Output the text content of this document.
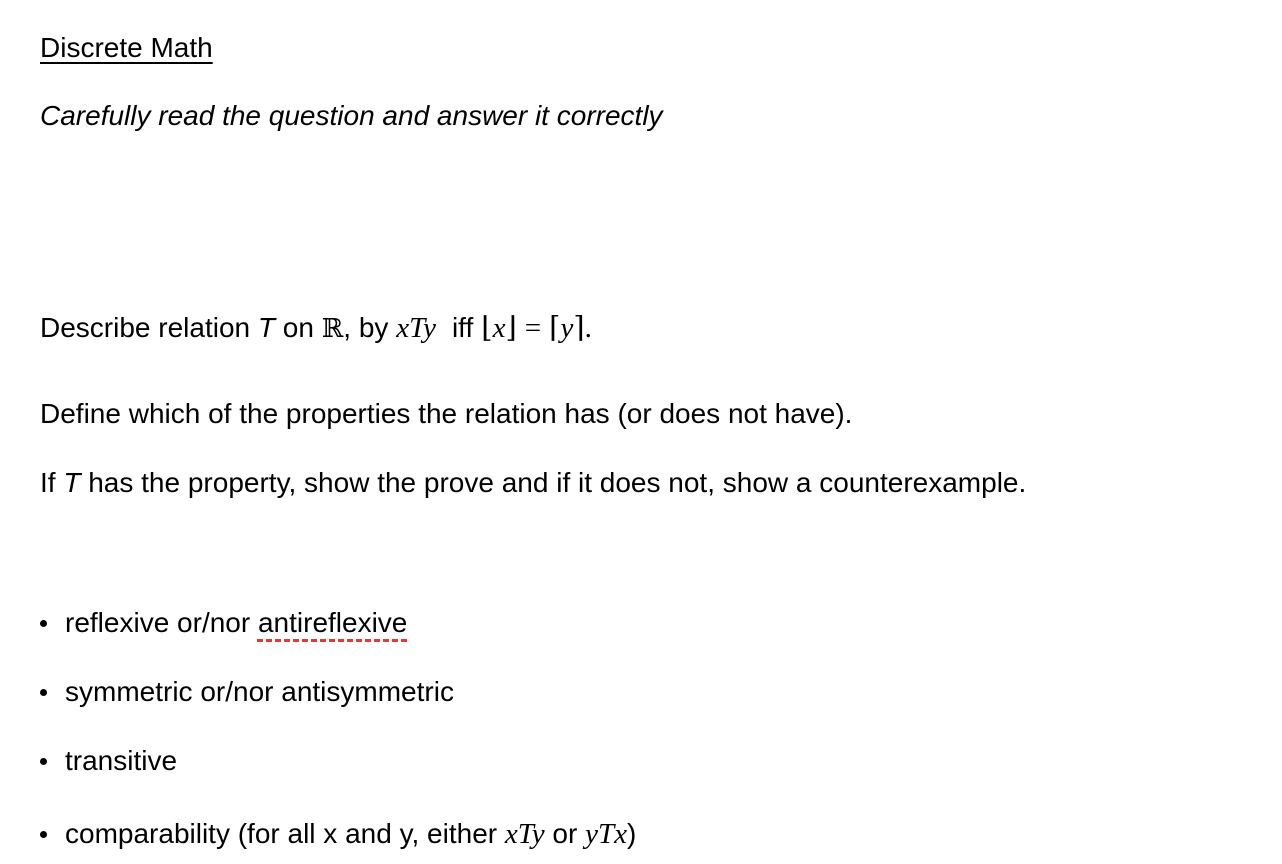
Discrete Math
Carefully read the question and answer it correctly
Describe relation T on ℝ, by xTy iff ⌊x⌋ = ⌈y⌉.
Define which of the properties the relation has (or does not have).
If T has the property, show the prove and if it does not, show a counterexample.
reflexive or/nor antireflexive
symmetric or/nor antisymmetric
transitive
comparability (for all x and y, either xTy or yTx)
